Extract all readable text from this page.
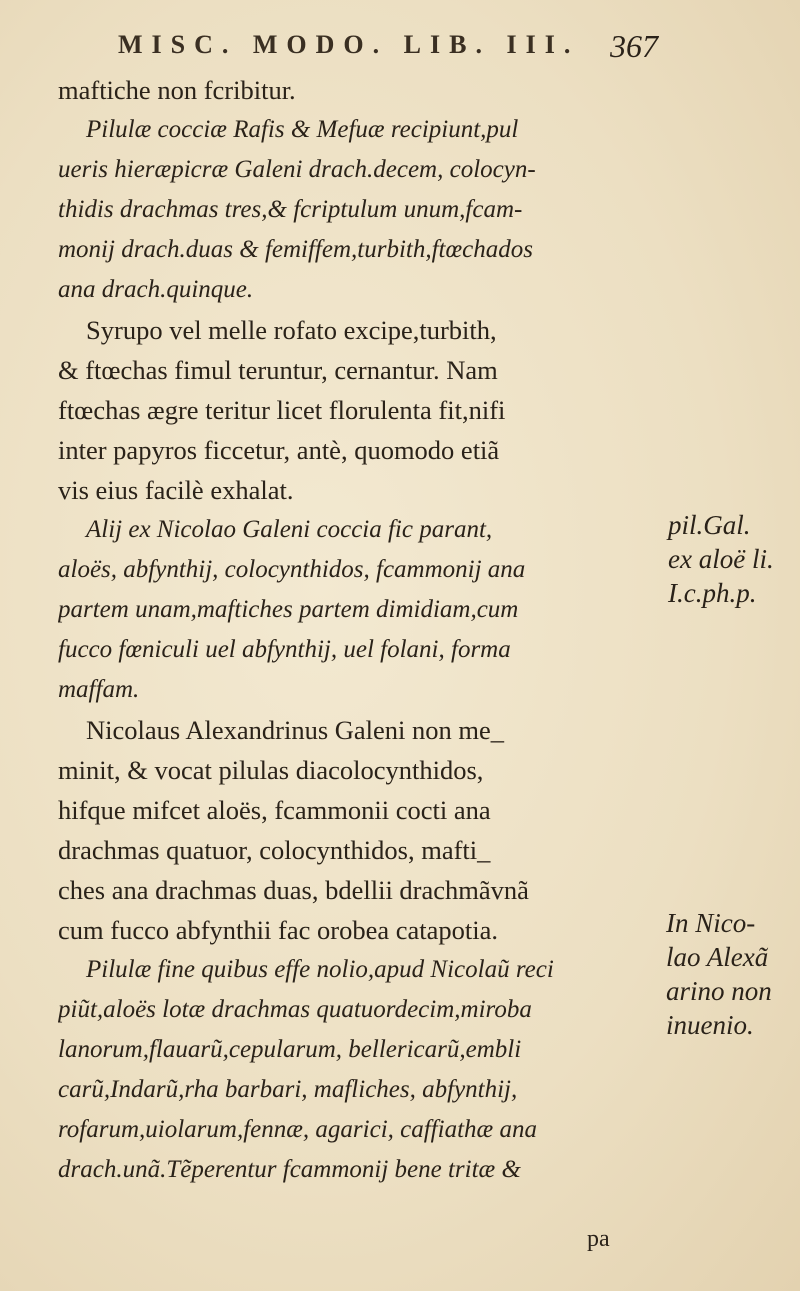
MISC. MODO. LIB. III. 367
maftiche non fcribitur.
Pilulæ cocciæ Rafis & Mefuæ recipiunt,pul
ueris hieræpicræ Galeni drach.decem, colocyn-
thidis drachmas tres,& fcriptulum unum,fcam-
monij drach.duas & femiffem,turbith,ftœchados
ana drach.quinque.
Syrupo vel melle rofato excipe,turbith,
& ftœchas fimul teruntur, cernantur. Nam
ftœchas ægre teritur licet florulenta fit,nifi
inter papyros ficcetur, antè, quomodo etiã
vis eius facilè exhalat.
Alij ex Nicolao Galeni coccia fic parant,
aloës, abfynthij, colocynthidos, fcammonij ana
partem unam,maftiches partem dimidiam,cum
fucco fœniculi uel abfynthij, uel folani, forma
maffam.
Nicolaus Alexandrinus Galeni non me_
minit, & vocat pilulas diacolocynthidos,
hifque mifcet aloës, fcammonii cocti ana
drachmas quatuor, colocynthidos, mafti_
ches ana drachmas duas, bdellii drachmãvnã
cum fucco abfynthii fac orobea catapotia.
Pilulæ fine quibus effe nolio,apud Nicolaũ reci
piũt,aloës lotæ drachmas quatuordecim,miroba
lanorum,flauarũ,cepularum, bellericarũ,embli
carũ,Indarũ,rha barbari, mafliches, abfynthij,
rofarum,uiolarum,fennæ, agarici, caffiathæ ana
drach.unã.Tẽperentur fcammonij bene tritæ &
pil.Gal.
ex aloë li.
I.c.ph.p.
In Nico-
lao Alexã
arino non
inuenio.
pa
